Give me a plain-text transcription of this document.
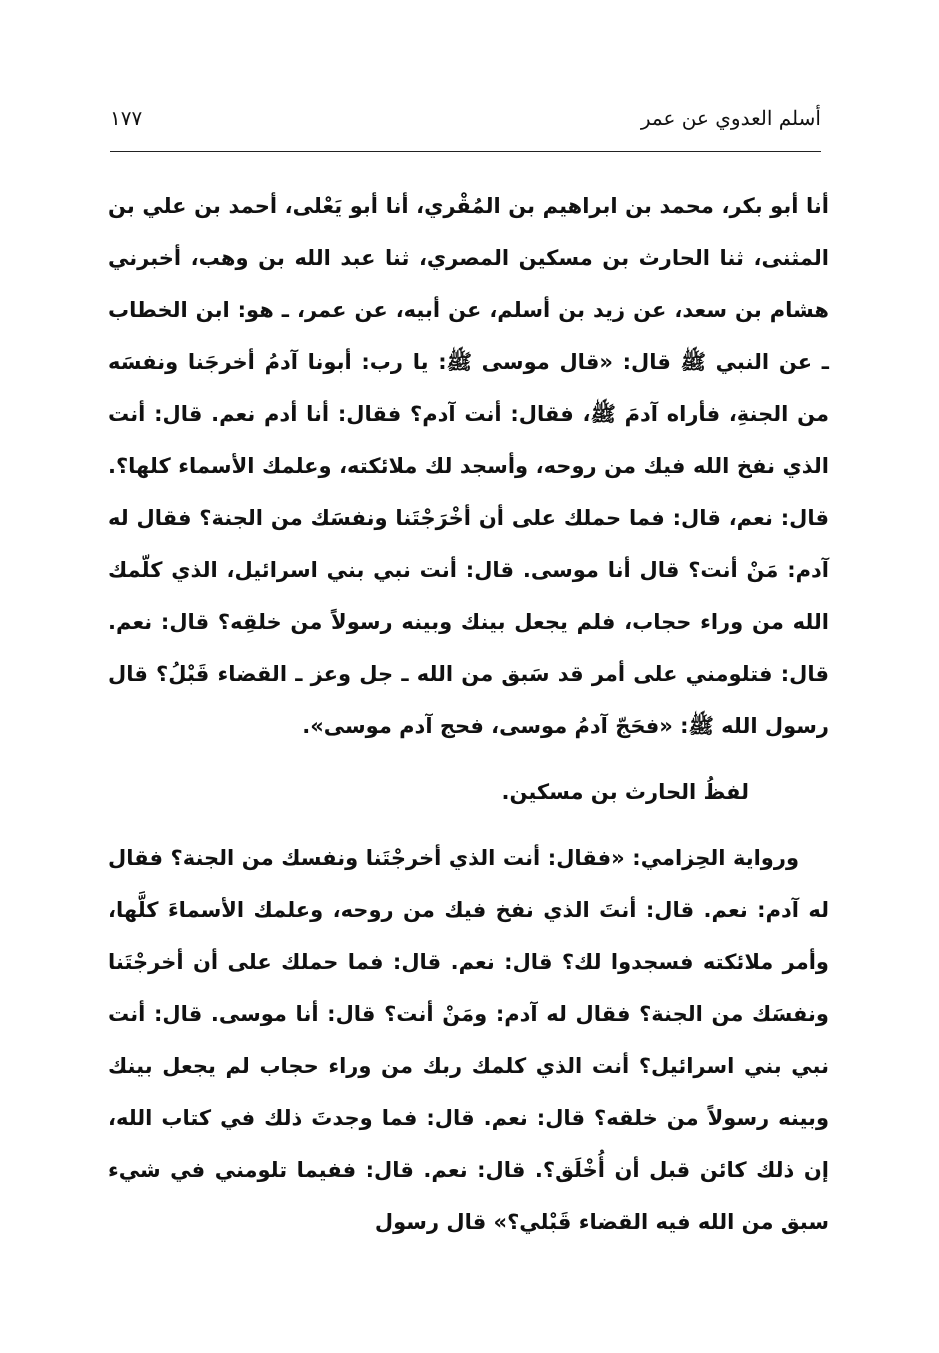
أسلم العدوي عن عمر
١٧٧

أنا أبو بكر، محمد بن ابراهيم بن المُقْري، أنا أبو يَعْلى، أحمد بن علي بن المثنى، ثنا الحارث بن مسكين المصري، ثنا عبد الله بن وهب، أخبرني هشام بن سعد، عن زيد بن أسلم، عن أبيه، عن عمر، ـ هو: ابن الخطاب ـ عن النبي ﷺ قال: «قال موسى ﷺ: يا رب: أبونا آدمُ أخرجَنا ونفسَه من الجنةِ، فأراه آدمَ ﷺ، فقال: أنت آدم؟ فقال: أنا أدم نعم. قال: أنت الذي نفخ الله فيك من روحه، وأسجد لك ملائكته، وعلمك الأسماء كلها؟. قال: نعم، قال: فما حملك على أن أخْرَجْتَنا ونفسَك من الجنة؟ فقال له آدم: مَنْ أنت؟ قال أنا موسى. قال: أنت نبي بني اسرائيل، الذي كلّمك الله من وراء حجاب، فلم يجعل بينك وبينه رسولاً من خلقِه؟ قال: نعم. قال: فتلومني على أمر قد سَبق من الله ـ جل وعز ـ القضاء قَبْلُ؟ قال رسول الله ﷺ: «فحَجّ آدمُ موسى، فحج آدم موسى».

لفظُ الحارث بن مسكين.

ورواية الحِزامي: «فقال: أنت الذي أخرجْتَنا ونفسك من الجنة؟ فقال له آدم: نعم. قال: أنتَ الذي نفخ فيك من روحه، وعلمك الأسماءَ كلَّها، وأمر ملائكته فسجدوا لك؟ قال: نعم. قال: فما حملك على أن أخرجْتَنا ونفسَك من الجنة؟ فقال له آدم: ومَنْ أنت؟ قال: أنا موسى. قال: أنت نبي بني اسرائيل؟ أنت الذي كلمك ربك من وراء حجاب لم يجعل بينك وبينه رسولاً من خلقه؟ قال: نعم. قال: فما وجدتَ ذلك في كتاب الله، إن ذلك كائن قبل أن أُخْلَق؟. قال: نعم. قال: ففيما تلومني في شيء سبق من الله فيه القضاء قَبْلي؟» قال رسول
